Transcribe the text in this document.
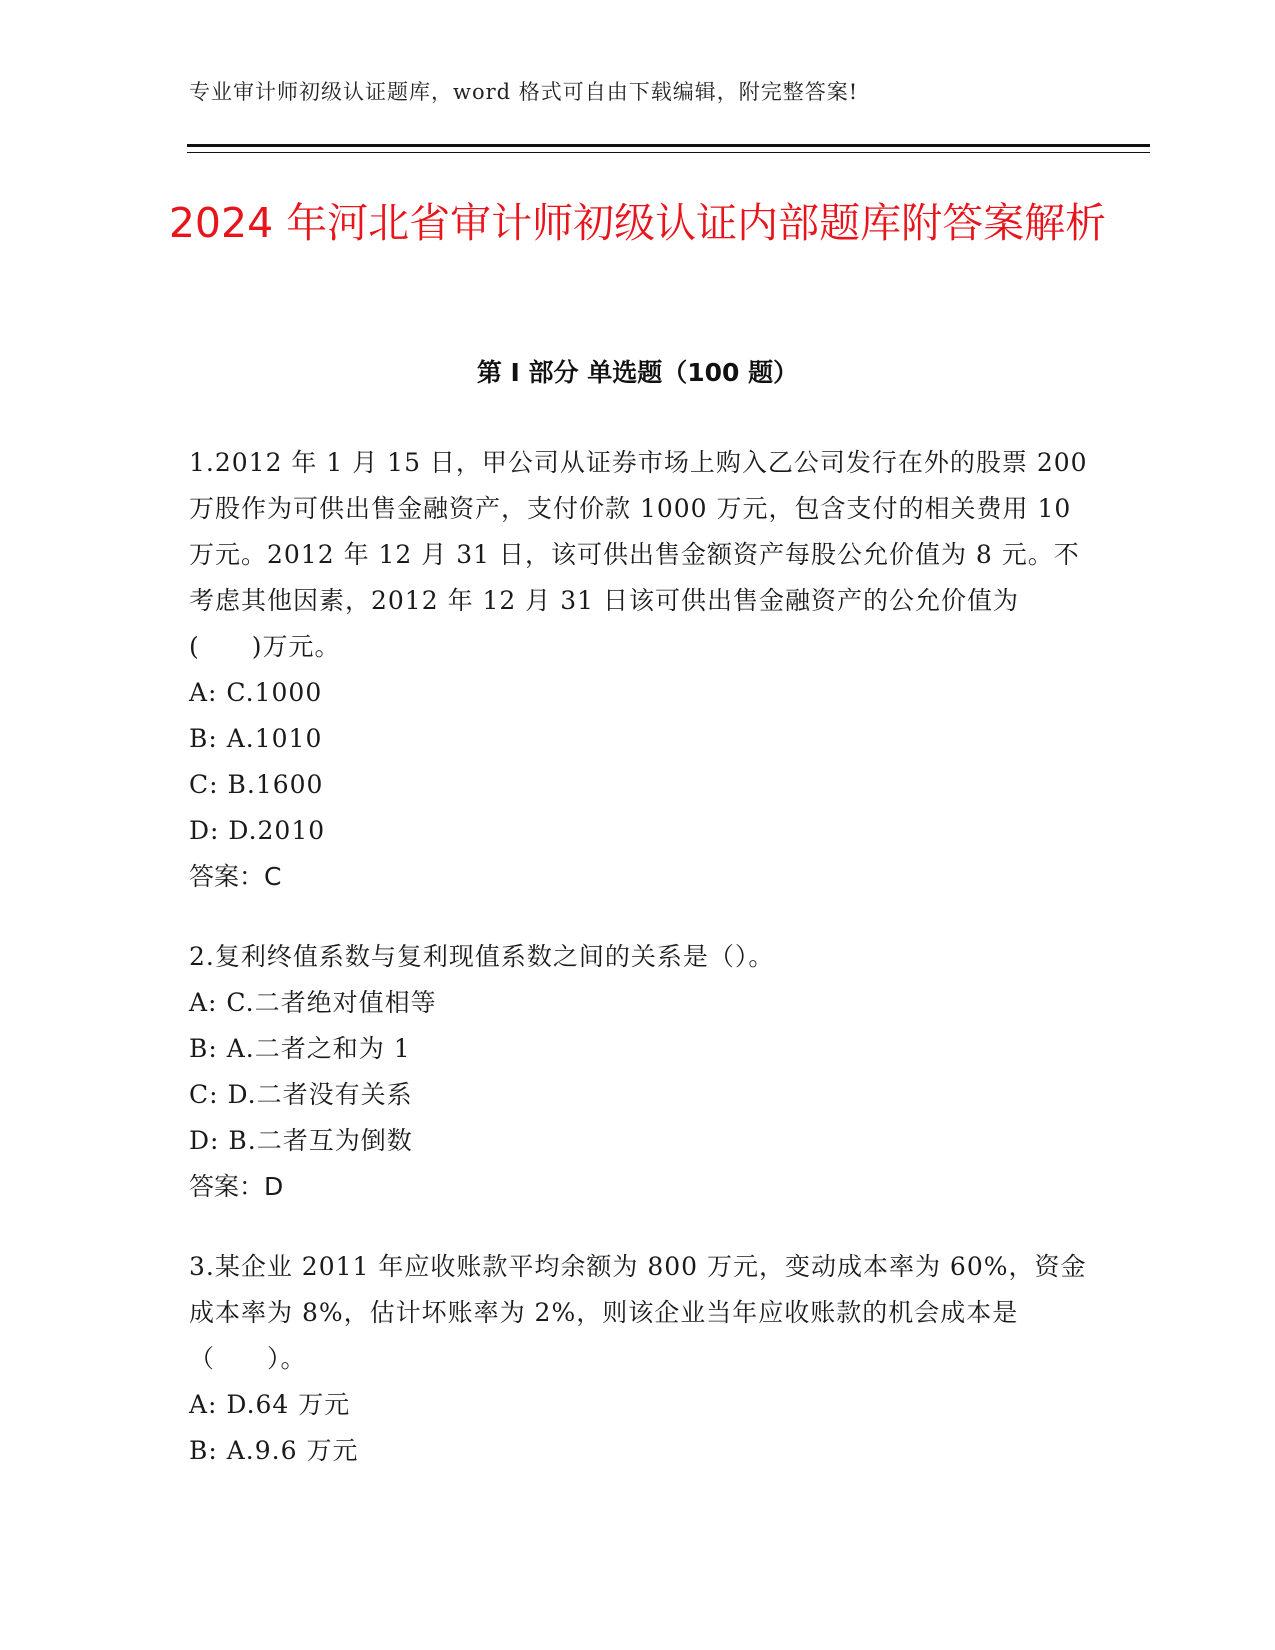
专业审计师初级认证题库，word 格式可自由下载编辑，附完整答案!
2024 年河北省审计师初级认证内部题库附答案解析
第 I 部分 单选题（100 题）

1.2012 年 1 月 15 日，甲公司从证券市场上购入乙公司发行在外的股票 200 万股作为可供出售金融资产，支付价款 1000 万元，包含支付的相关费用 10 万元。2012 年 12 月 31 日，该可供出售金额资产每股公允价值为 8 元。不考虑其他因素，2012 年 12 月 31 日该可供出售金融资产的公允价值为(　　)万元。

A: C.1000

B: A.1010

C: B.1600

D: D.2010

答案：C

2.复利终值系数与复利现值系数之间的关系是（）。

A: C.二者绝对值相等

B: A.二者之和为 1

C: D.二者没有关系

D: B.二者互为倒数

答案：D

3.某企业 2011 年应收账款平均余额为 800 万元，变动成本率为 60%，资金成本率为 8%，估计坏账率为 2%，则该企业当年应收账款的机会成本是（　　）。

A: D.64 万元

B: A.9.6 万元
